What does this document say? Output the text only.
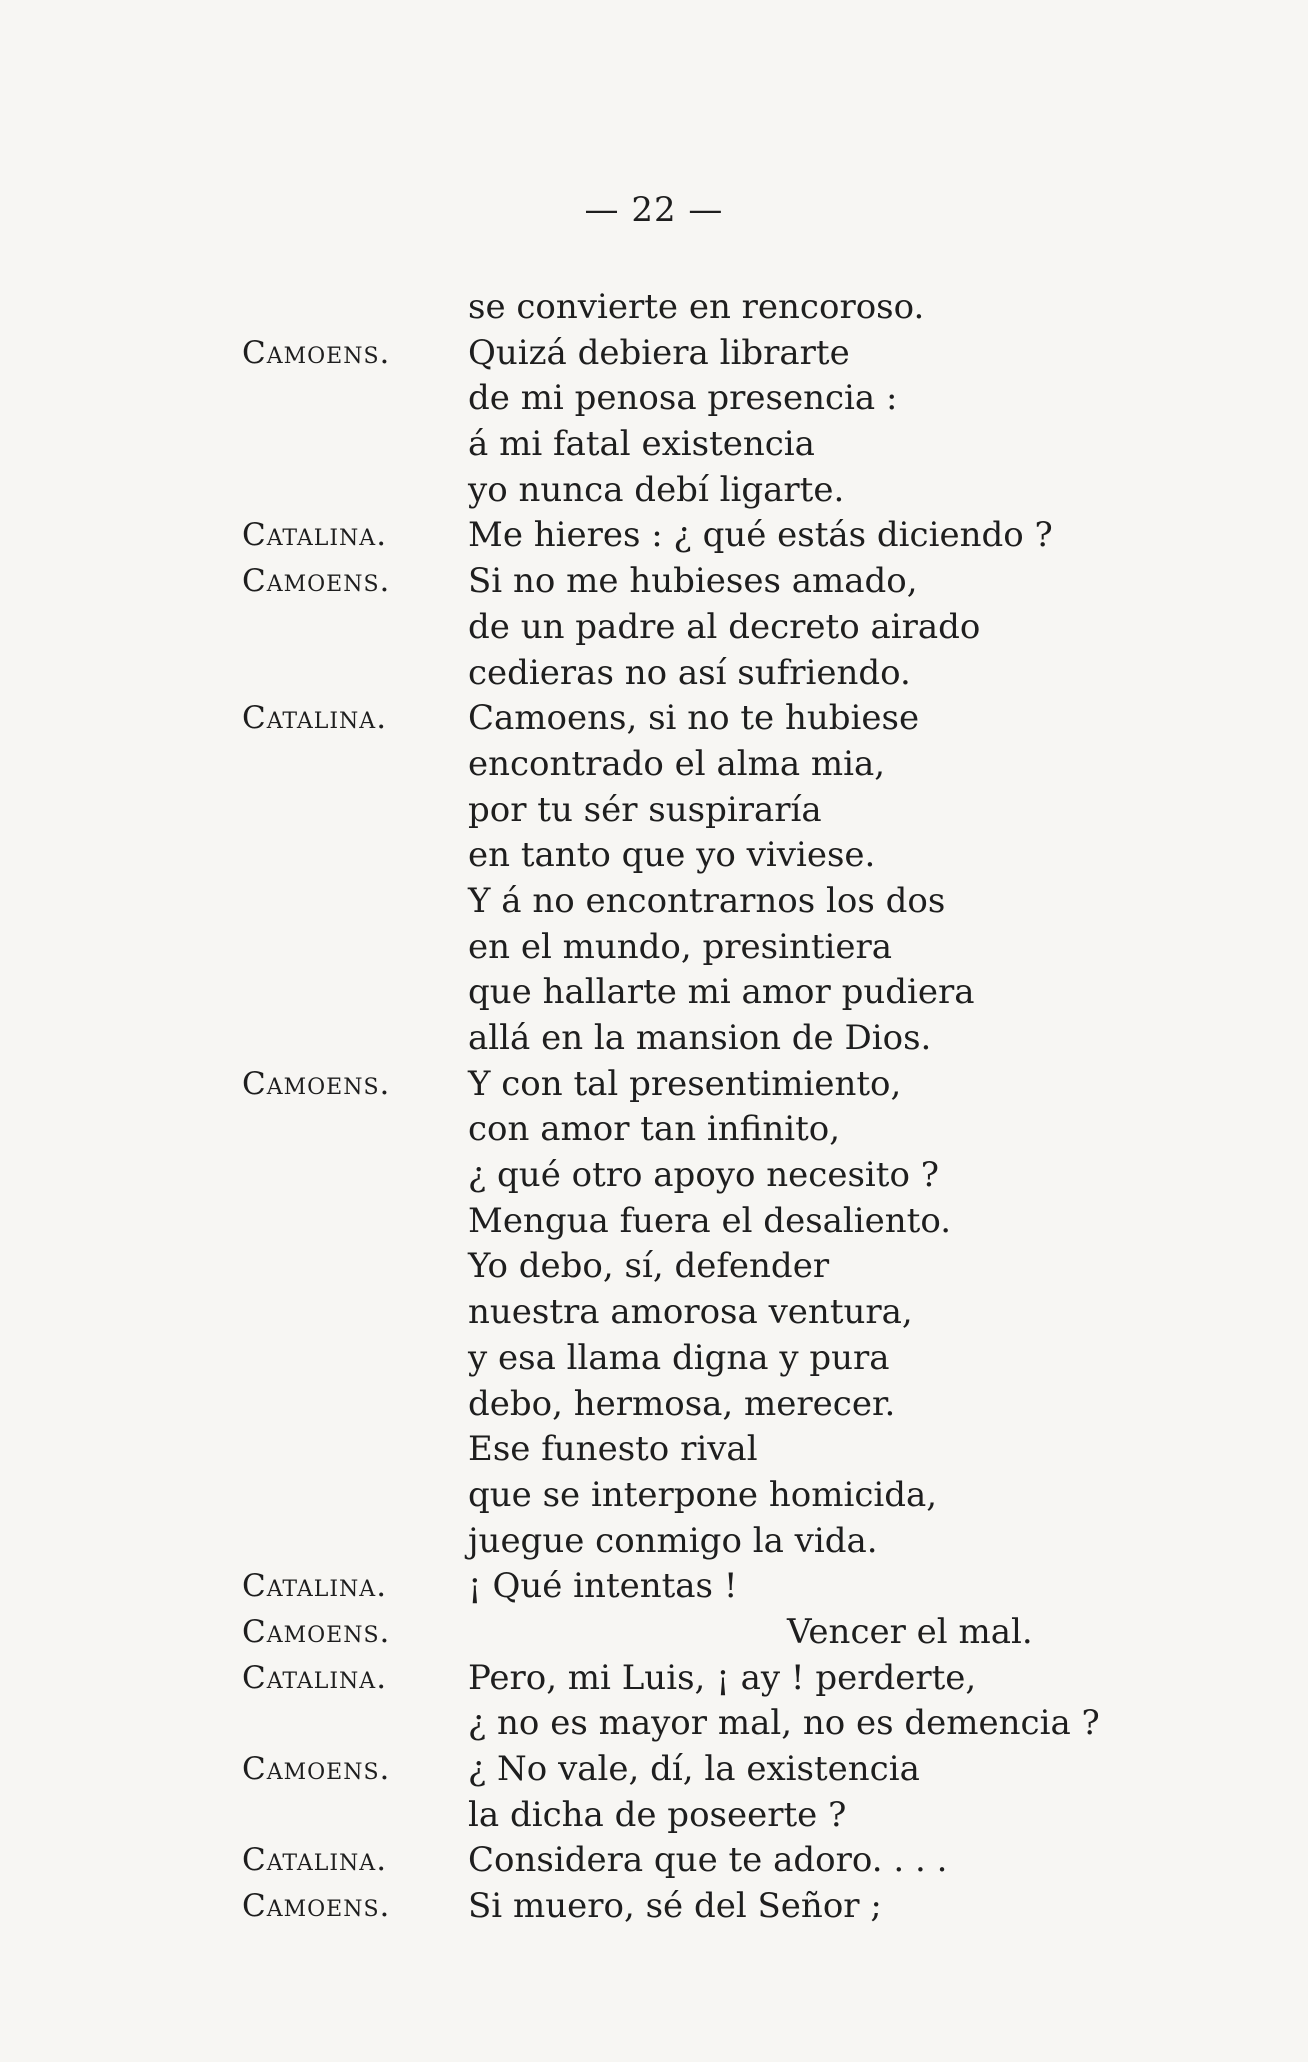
— 22 —
se convierte en rencoroso.
Camoens. Quizá debiera librarte
de mi penosa presencia :
á mi fatal existencia
yo nunca debí ligarte.
Catalina. Me hieres : ¿ qué estás diciendo ?
Camoens. Si no me hubieses amado,
de un padre al decreto airado
cedieras no así sufriendo.
Catalina. Camoens, si no te hubiese
encontrado el alma mia,
por tu sér suspiraría
en tanto que yo viviese.
Y á no encontrarnos los dos
en el mundo, presintiera
que hallarte mi amor pudiera
allá en la mansion de Dios.
Camoens. Y con tal presentimiento,
con amor tan infinito,
¿ qué otro apoyo necesito ?
Mengua fuera el desaliento.
Yo debo, sí, defender
nuestra amorosa ventura,
y esa llama digna y pura
debo, hermosa, merecer.
Ese funesto rival
que se interpone homicida,
juegue conmigo la vida.
Catalina. ¡ Qué intentas !
Camoens.	Vencer el mal.
Catalina. Pero, mi Luis, ¡ ay ! perderte,
¿ no es mayor mal, no es demencia ?
Camoens. ¿ No vale, dí, la existencia
la dicha de poseerte ?
Catalina. Considera que te adoro. . . .
Camoens. Si muero, sé del Señor ;
